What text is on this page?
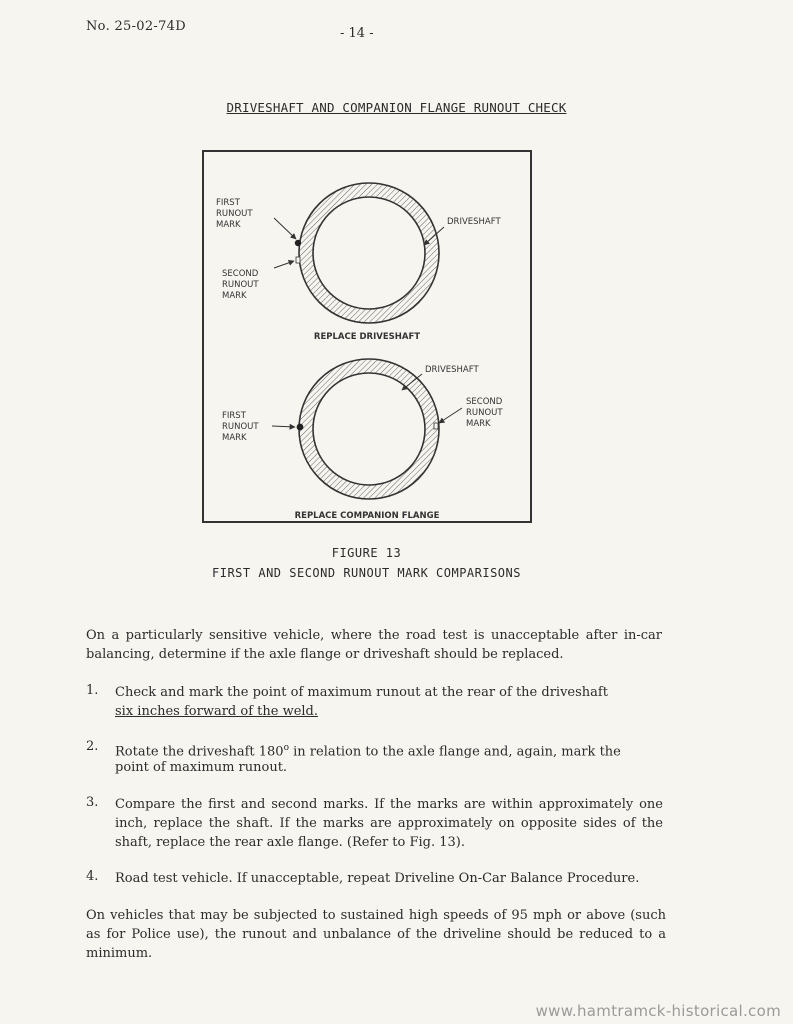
No. 25-02-74D	- 14 -
DRIVESHAFT AND COMPANION FLANGE RUNOUT CHECK
FIRST
RUNOUT
MARK	DRIVESHAFT
SECOND
RUNOUT
MARK
REPLACE DRIVESHAFT
DRIVESHAFT
FIRST
RUNOUT
MARK
SECOND
RUNOUT
MARK
REPLACE COMPANION FLANGE
FIGURE 13
FIRST AND SECOND RUNOUT MARK COMPARISONS
On a particularly sensitive vehicle, where the road test is unacceptable after in-car balancing, determine if the axle flange or driveshaft should be replaced.
1. Check and mark the point of maximum runout at the rear of the driveshaft
six inches forward of the weld.
2. Rotate the driveshaft 180$^o$ in relation to the axle flange and, again, mark the
point of maximum runout.
3. Compare the first and second marks. If the marks are within approximately one inch, replace the shaft. If the marks are approximately on opposite sides of the shaft, replace the rear axle flange. (Refer to Fig. 13).
4. Road test vehicle. If unacceptable, repeat Driveline On-Car Balance Procedure.
On vehicles that may be subjected to sustained high speeds of 95 mph or above (such as for Police use), the runout and unbalance of the driveline should be reduced to a minimum.
www.hamtramck-historical.com
